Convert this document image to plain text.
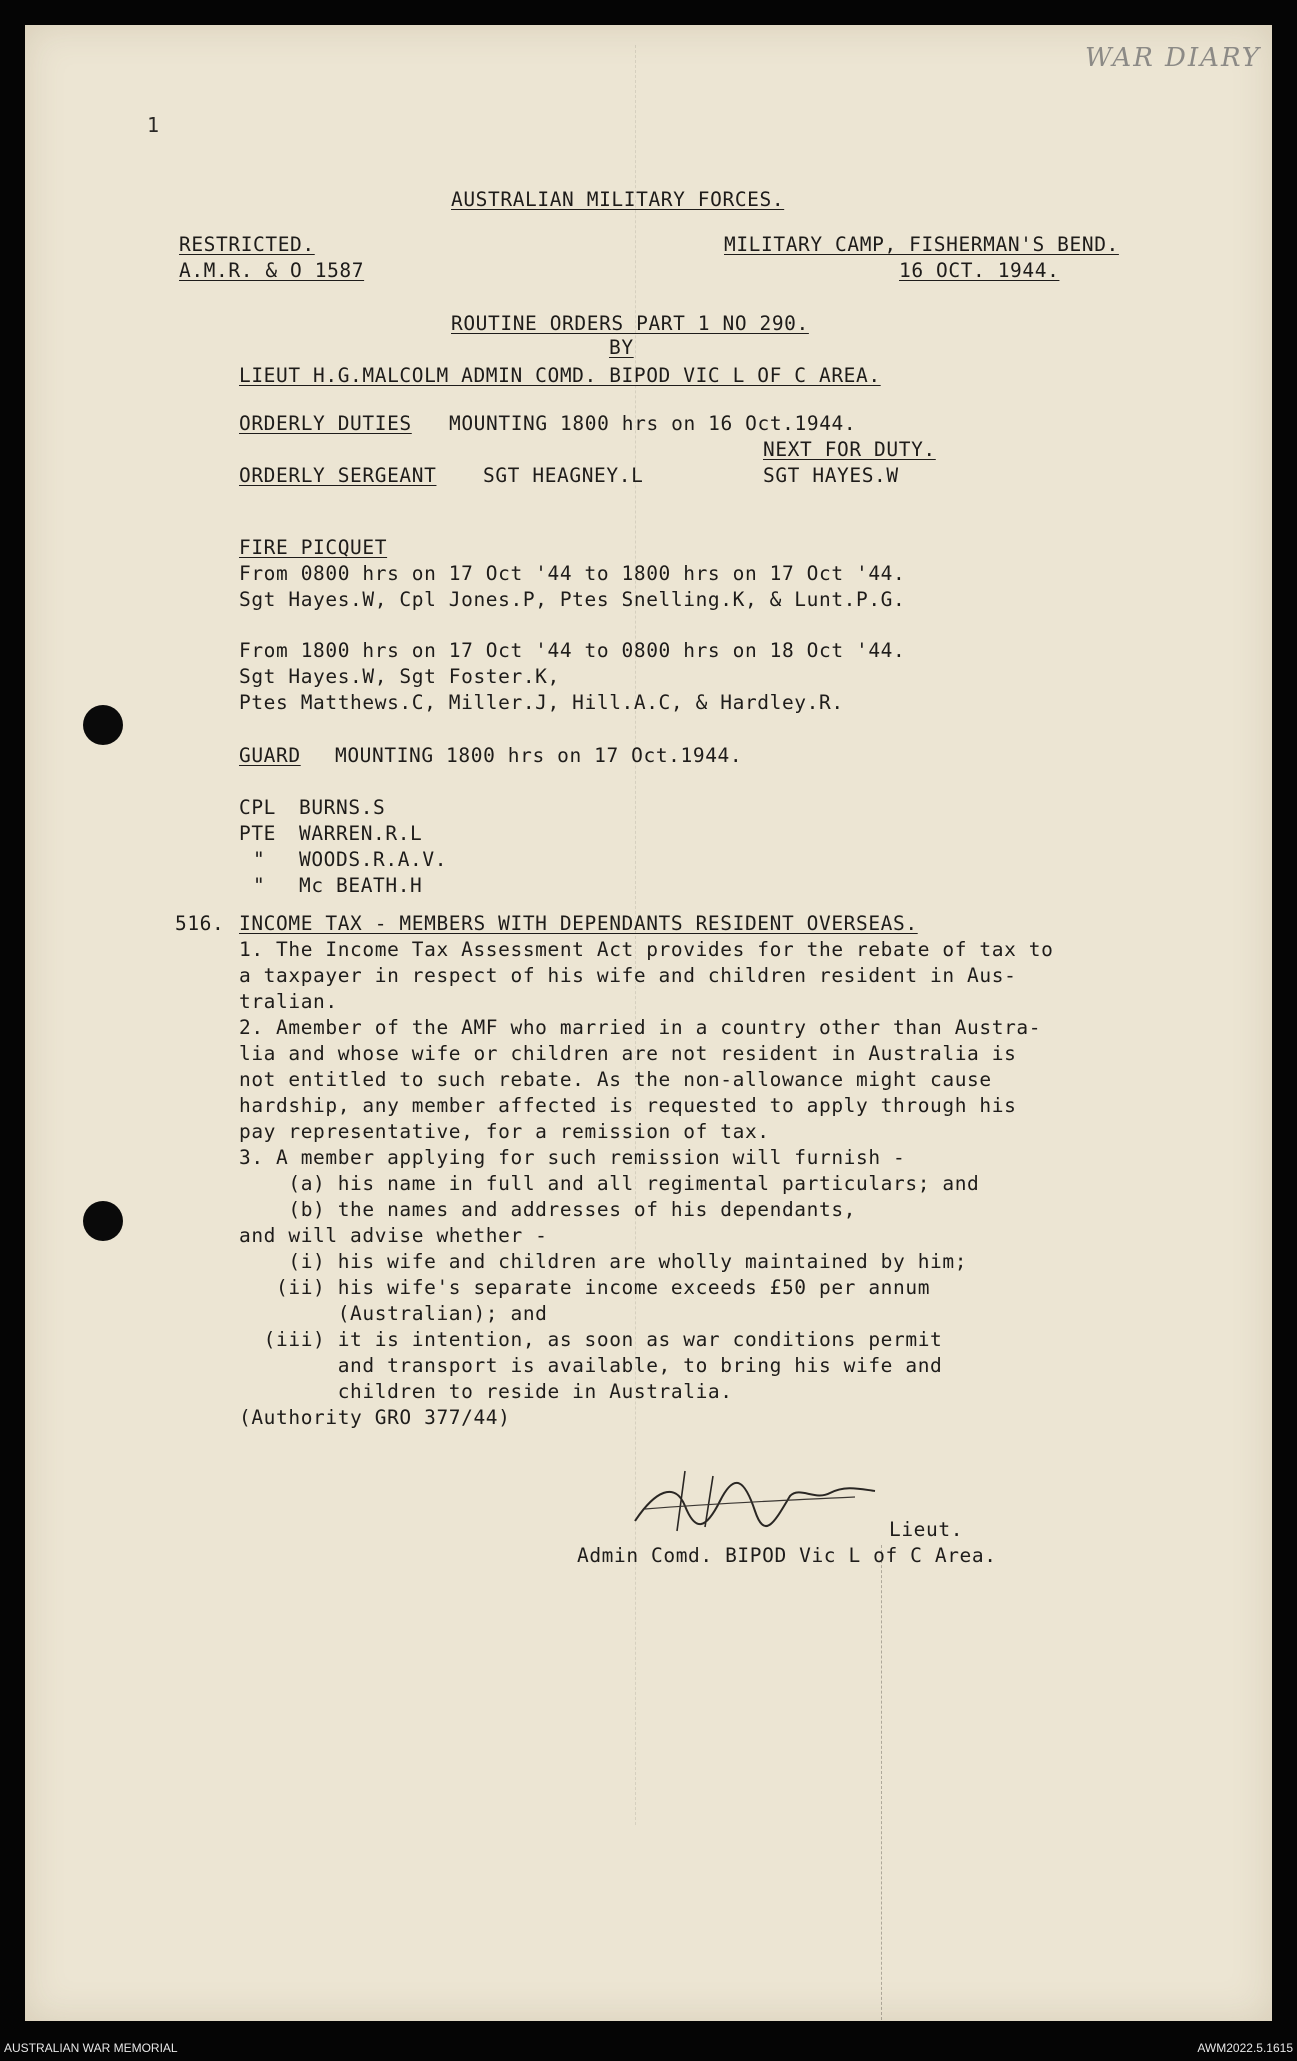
WAR DIARY
1
AUSTRALIAN MILITARY FORCES.
RESTRICTED.
A.M.R. & O 1587
MILITARY CAMP, FISHERMAN'S BEND.
16 OCT. 1944.
ROUTINE ORDERS PART 1 NO 290.
BY
LIEUT H.G.MALCOLM ADMIN COMD. BIPOD VIC L OF C AREA.
ORDERLY DUTIES MOUNTING 1800 hrs on 16 Oct.1944.
NEXT FOR DUTY.
ORDERLY SERGEANT SGT HEAGNEY.L	SGT HAYES.W
FIRE PICQUET
From 0800 hrs on 17 Oct '44 to 1800 hrs on 17 Oct '44.
Sgt Hayes.W, Cpl Jones.P, Ptes Snelling.K, & Lunt.P.G.
From 1800 hrs on 17 Oct '44 to 0800 hrs on 18 Oct '44.
Sgt Hayes.W, Sgt Foster.K,
Ptes Matthews.C, Miller.J, Hill.A.C, & Hardley.R.
GUARD MOUNTING 1800 hrs on 17 Oct.1944.
CPL BURNS.S
PTE WARREN.R.L
" WOODS.R.A.V.
" Mc BEATH.H
516. INCOME TAX - MEMBERS WITH DEPENDANTS RESIDENT OVERSEAS.
1. The Income Tax Assessment Act provides for the rebate of tax to
a taxpayer in respect of his wife and children resident in Aus-
tralian.
2. Amember of the AMF who married in a country other than Austra-
lia and whose wife or children are not resident in Australia is
not entitled to such rebate. As the non-allowance might cause
hardship, any member affected is requested to apply through his
pay representative, for a remission of tax.
3. A member applying for such remission will furnish -
(a) his name in full and all regimental particulars; and
(b) the names and addresses of his dependants,
and will advise whether -
(i) his wife and children are wholly maintained by him;
(ii) his wife's separate income exceeds £50 per annum
(Australian); and
(iii) it is intention, as soon as war conditions permit
and transport is available, to bring his wife and
children to reside in Australia.
(Authority GRO 377/44)
Lieut.
Admin Comd. BIPOD Vic L of C Area.
AUSTRALIAN WAR MEMORIAL	AWM2022.5.1615
